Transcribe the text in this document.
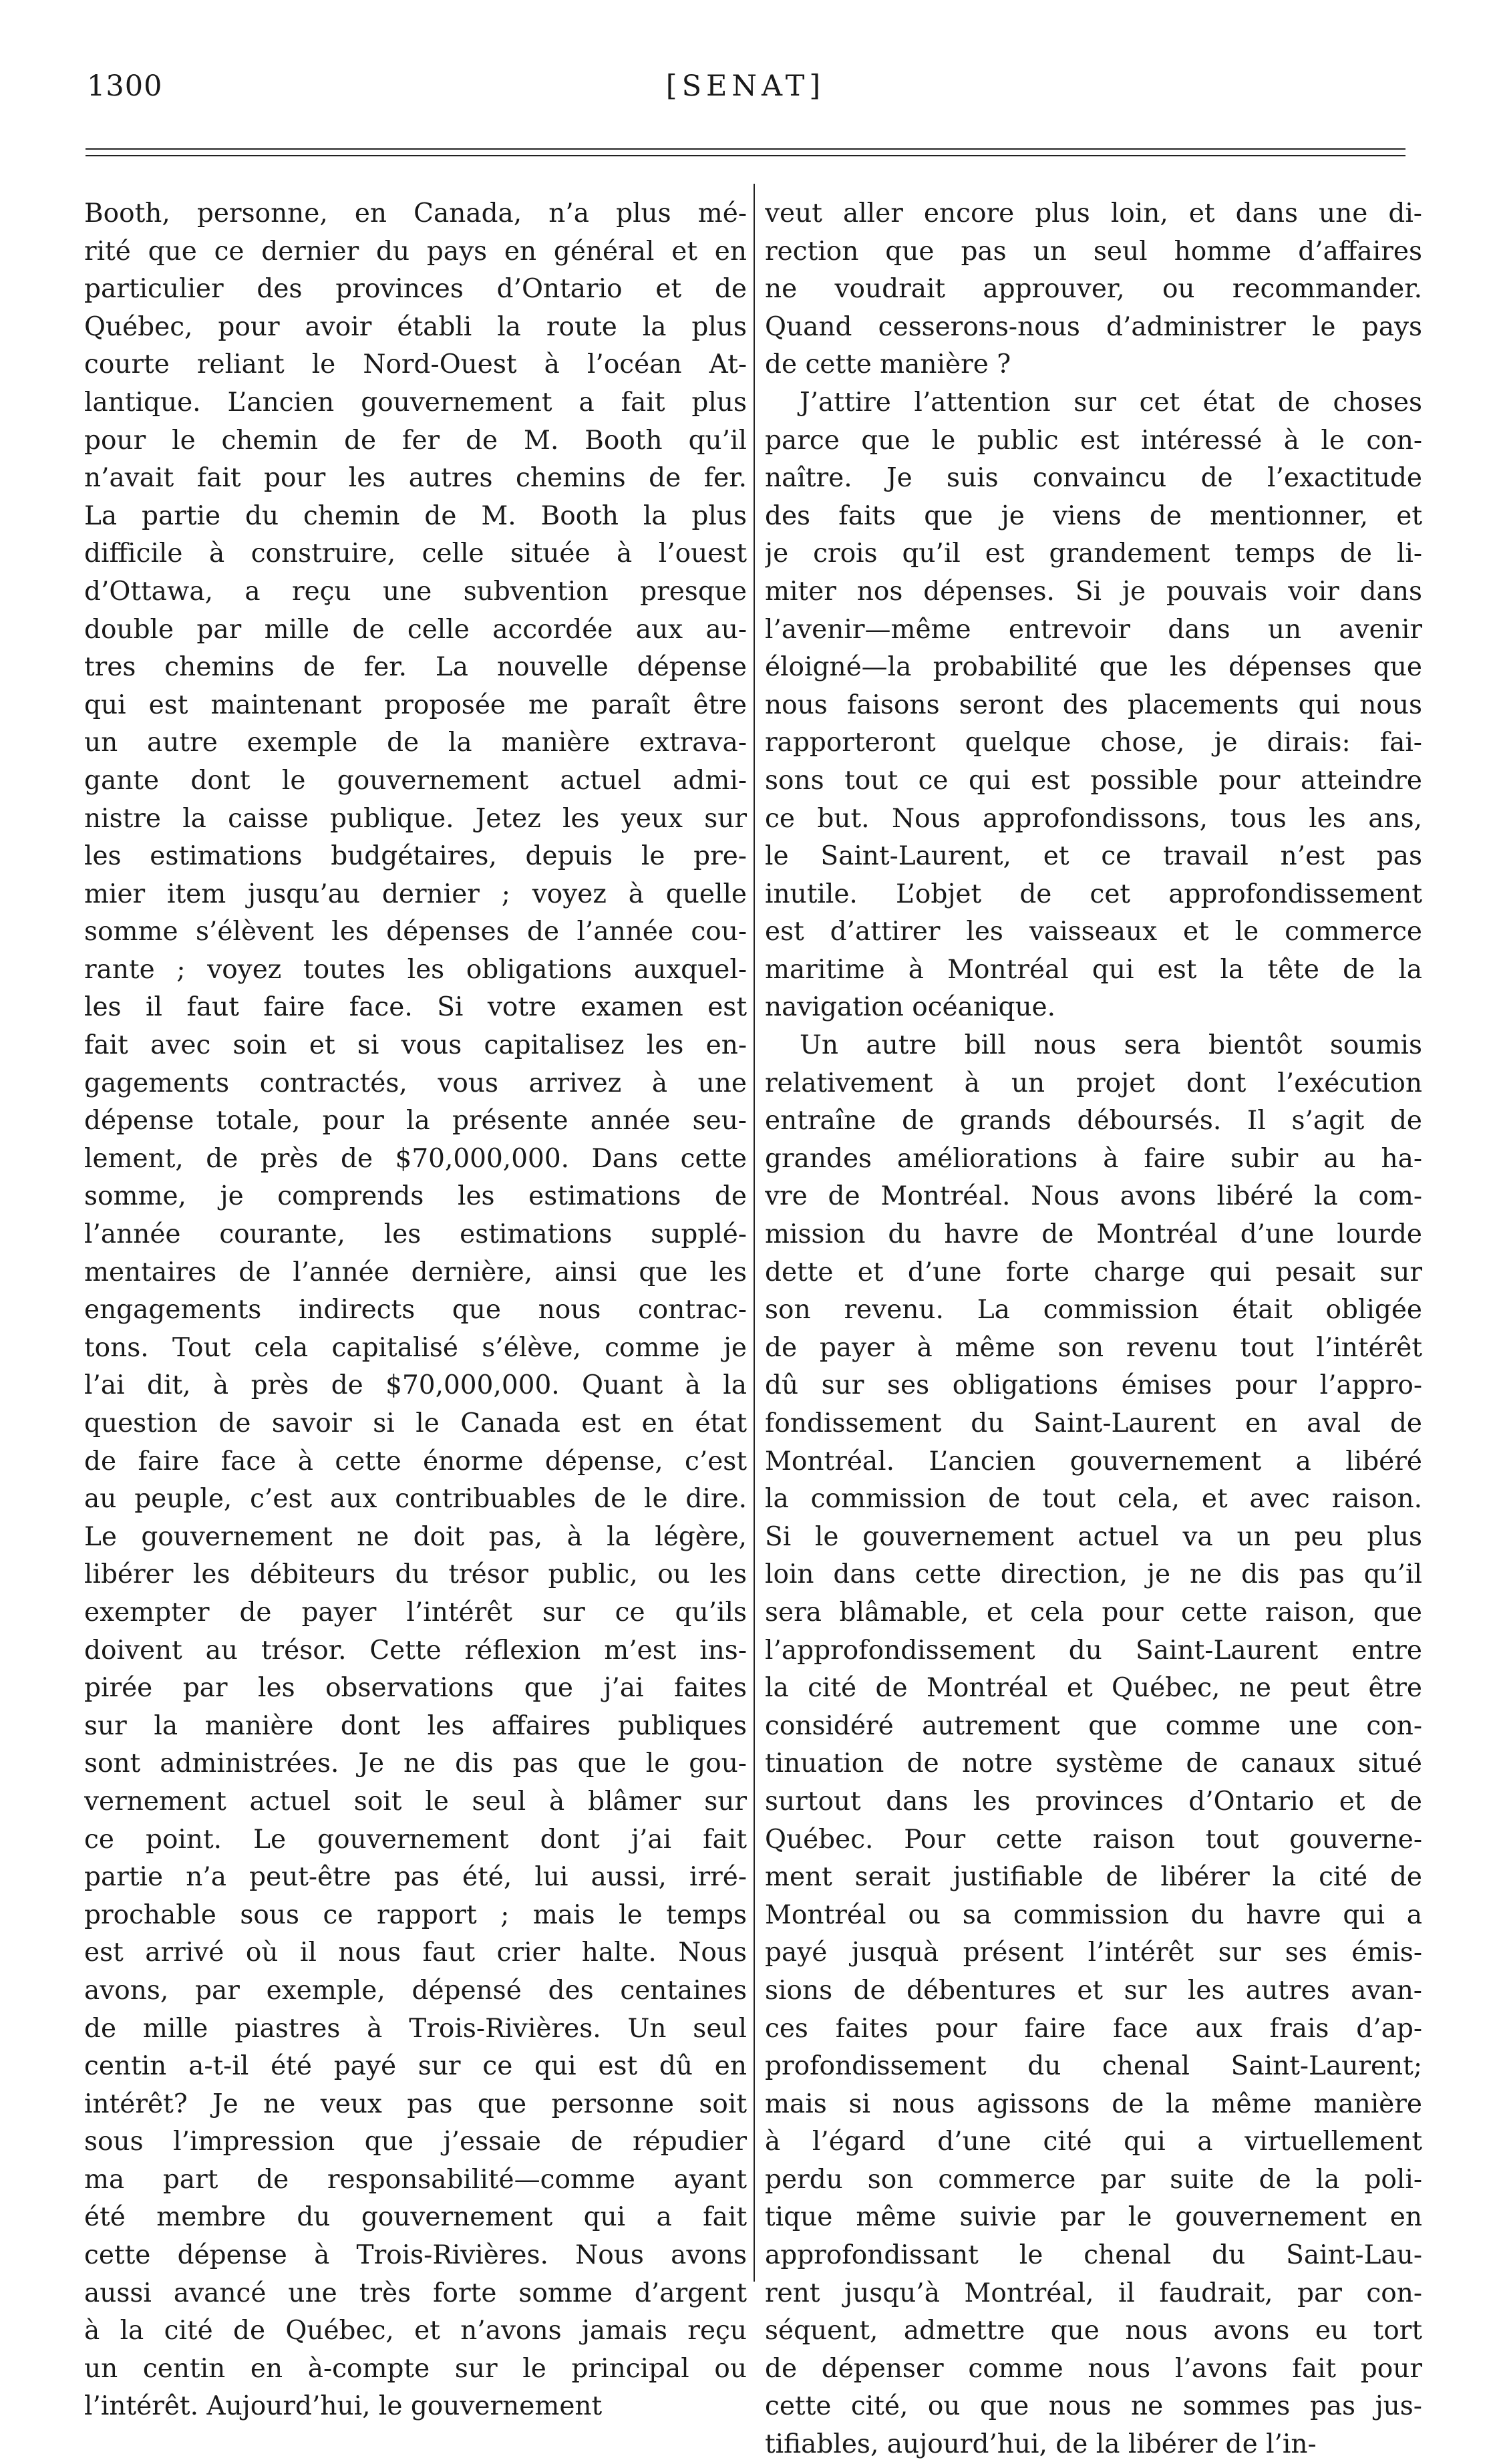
1300	[SENAT]
Booth, personne, en Canada, n’a plus mé-
rité que ce dernier du pays en général et en
particulier des provinces d’Ontario et de
Québec, pour avoir établi la route la plus
courte reliant le Nord-Ouest à l’océan At-
lantique. L’ancien gouvernement a fait plus
pour le chemin de fer de M. Booth qu’il
n’avait fait pour les autres chemins de fer.
La partie du chemin de M. Booth la plus
difficile à construire, celle située à l’ouest
d’Ottawa, a reçu une subvention presque
double par mille de celle accordée aux au-
tres chemins de fer. La nouvelle dépense
qui est maintenant proposée me paraît être
un autre exemple de la manière extrava-
gante dont le gouvernement actuel admi-
nistre la caisse publique. Jetez les yeux sur
les estimations budgétaires, depuis le pre-
mier item jusqu’au dernier ; voyez à quelle
somme s’élèvent les dépenses de l’année cou-
rante ; voyez toutes les obligations auxquel-
les il faut faire face. Si votre examen est
fait avec soin et si vous capitalisez les en-
gagements contractés, vous arrivez à une
dépense totale, pour la présente année seu-
lement, de près de $70,000,000. Dans cette
somme, je comprends les estimations de
l’année courante, les estimations supplé-
mentaires de l’année dernière, ainsi que les
engagements indirects que nous contrac-
tons. Tout cela capitalisé s’élève, comme je
l’ai dit, à près de $70,000,000. Quant à la
question de savoir si le Canada est en état
de faire face à cette énorme dépense, c’est
au peuple, c’est aux contribuables de le dire.
Le gouvernement ne doit pas, à la légère,
libérer les débiteurs du trésor public, ou les
exempter de payer l’intérêt sur ce qu’ils
doivent au trésor. Cette réflexion m’est ins-
pirée par les observations que j’ai faites
sur la manière dont les affaires publiques
sont administrées. Je ne dis pas que le gou-
vernement actuel soit le seul à blâmer sur
ce point. Le gouvernement dont j’ai fait
partie n’a peut-être pas été, lui aussi, irré-
prochable sous ce rapport ; mais le temps
est arrivé où il nous faut crier halte. Nous
avons, par exemple, dépensé des centaines
de mille piastres à Trois-Rivières. Un seul
centin a-t-il été payé sur ce qui est dû en
intérêt? Je ne veux pas que personne soit
sous l’impression que j’essaie de répudier
ma part de responsabilité—comme ayant
été membre du gouvernement qui a fait
cette dépense à Trois-Rivières. Nous avons
aussi avancé une très forte somme d’argent
à la cité de Québec, et n’avons jamais reçu
un centin en à-compte sur le principal ou
l’intérêt. Aujourd’hui, le gouvernement
veut aller encore plus loin, et dans une di-
rection que pas un seul homme d’affaires
ne voudrait approuver, ou recommander.
Quand cesserons-nous d’administrer le pays
de cette manière ?
J’attire l’attention sur cet état de choses
parce que le public est intéressé à le con-
naître. Je suis convaincu de l’exactitude
des faits que je viens de mentionner, et
je crois qu’il est grandement temps de li-
miter nos dépenses. Si je pouvais voir dans
l’avenir—même entrevoir dans un avenir
éloigné—la probabilité que les dépenses que
nous faisons seront des placements qui nous
rapporteront quelque chose, je dirais: fai-
sons tout ce qui est possible pour atteindre
ce but. Nous approfondissons, tous les ans,
le Saint-Laurent, et ce travail n’est pas
inutile. L’objet de cet approfondissement
est d’attirer les vaisseaux et le commerce
maritime à Montréal qui est la tête de la
navigation océanique.
Un autre bill nous sera bientôt soumis
relativement à un projet dont l’exécution
entraîne de grands déboursés. Il s’agit de
grandes améliorations à faire subir au ha-
vre de Montréal. Nous avons libéré la com-
mission du havre de Montréal d’une lourde
dette et d’une forte charge qui pesait sur
son revenu. La commission était obligée
de payer à même son revenu tout l’intérêt
dû sur ses obligations émises pour l’appro-
fondissement du Saint-Laurent en aval de
Montréal. L’ancien gouvernement a libéré
la commission de tout cela, et avec raison.
Si le gouvernement actuel va un peu plus
loin dans cette direction, je ne dis pas qu’il
sera blâmable, et cela pour cette raison, que
l’approfondissement du Saint-Laurent entre
la cité de Montréal et Québec, ne peut être
considéré autrement que comme une con-
tinuation de notre système de canaux situé
surtout dans les provinces d’Ontario et de
Québec. Pour cette raison tout gouverne-
ment serait justifiable de libérer la cité de
Montréal ou sa commission du havre qui a
payé jusquà présent l’intérêt sur ses émis-
sions de débentures et sur les autres avan-
ces faites pour faire face aux frais d’ap-
profondissement du chenal Saint-Laurent;
mais si nous agissons de la même manière
à l’égard d’une cité qui a virtuellement
perdu son commerce par suite de la poli-
tique même suivie par le gouvernement en
approfondissant le chenal du Saint-Lau-
rent jusqu’à Montréal, il faudrait, par con-
séquent, admettre que nous avons eu tort
de dépenser comme nous l’avons fait pour
cette cité, ou que nous ne sommes pas jus-
tifiables, aujourd’hui, de la libérer de l’in-
